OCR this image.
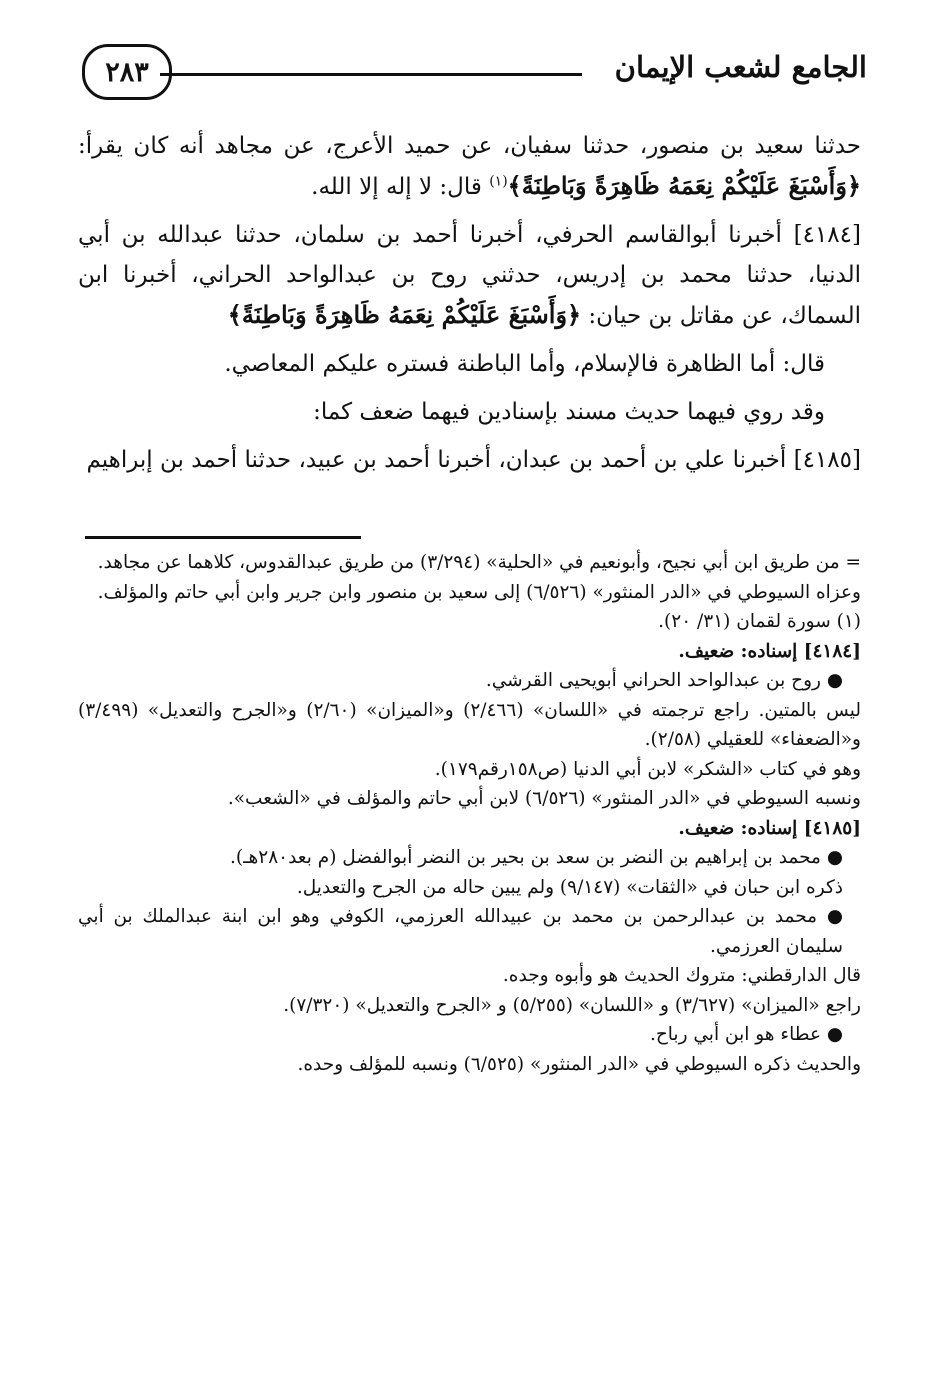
الجامع لشعب الإيمان
٢٨٣

حدثنا سعيد بن منصور، حدثنا سفيان، عن حميد الأعرج، عن مجاهد أنه كان يقرأ: ﴿وَأَسْبَغَ عَلَيْكُمْ نِعَمَهُ ظَاهِرَةً وَبَاطِنَةً﴾$^{(١)}$ قال: لا إله إلا الله.

[٤١٨٤] أخبرنا أبوالقاسم الحرفي، أخبرنا أحمد بن سلمان، حدثنا عبدالله بن أبي الدنيا، حدثنا محمد بن إدريس، حدثني روح بن عبدالواحد الحراني، أخبرنا ابن السماك، عن مقاتل بن حيان: ﴿وَأَسْبَغَ عَلَيْكُمْ نِعَمَهُ ظَاهِرَةً وَبَاطِنَةً﴾

قال: أما الظاهرة فالإسلام، وأما الباطنة فستره عليكم المعاصي.

وقد روي فيهما حديث مسند بإسنادين فيهما ضعف كما:

[٤١٨٥] أخبرنا علي بن أحمد بن عبدان، أخبرنا أحمد بن عبيد، حدثنا أحمد بن إبراهيم

= من طريق ابن أبي نجيح، وأبونعيم في «الحلية» (٣/٢٩٤) من طريق عبدالقدوس، كلاهما عن مجاهد.

وعزاه السيوطي في «الدر المنثور» (٦/٥٢٦) إلى سعيد بن منصور وابن جرير وابن أبي حاتم والمؤلف.

(١) سورة لقمان (٣١/ ٢٠).

[٤١٨٤] إسناده: ضعيف.

● روح بن عبدالواحد الحراني أبويحيى القرشي.

ليس بالمتين. راجع ترجمته في «اللسان» (٢/٤٦٦) و«الميزان» (٢/٦٠) و«الجرح والتعديل» (٣/٤٩٩) و«الضعفاء» للعقيلي (٢/٥٨).

وهو في كتاب «الشكر» لابن أبي الدنيا (ص١٥٨رقم١٧٩).

ونسبه السيوطي في «الدر المنثور» (٦/٥٢٦) لابن أبي حاتم والمؤلف في «الشعب».

[٤١٨٥] إسناده: ضعيف.

● محمد بن إبراهيم بن النضر بن سعد بن بحير بن النضر أبوالفضل (م بعد٢٨٠هـ).

ذكره ابن حبان في «الثقات» (٩/١٤٧) ولم يبين حاله من الجرح والتعديل.

● محمد بن عبدالرحمن بن محمد بن عبيدالله العرزمي، الكوفي وهو ابن ابنة عبدالملك بن أبي سليمان العرزمي.

قال الدارقطني: متروك الحديث هو وأبوه وجده.

راجع «الميزان» (٣/٦٢٧) و «اللسان» (٥/٢٥٥) و «الجرح والتعديل» (٧/٣٢٠).

● عطاء هو ابن أبي رباح.

والحديث ذكره السيوطي في «الدر المنثور» (٦/٥٢٥) ونسبه للمؤلف وحده.
